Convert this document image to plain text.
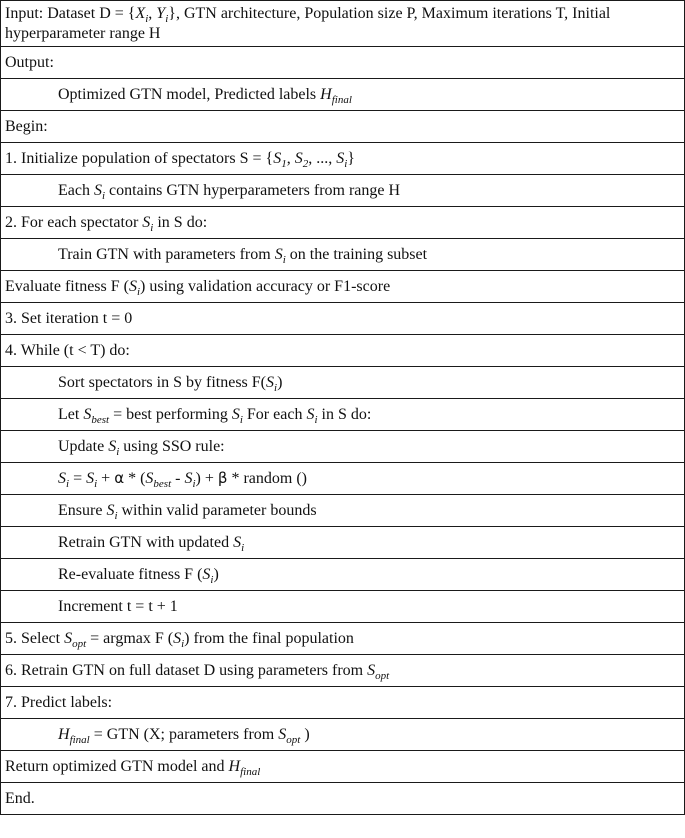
Input: Dataset $D = \{X_i$, $Y_i$}, GTN architecture, Population size P, Maximum iterations T, Initial hyperparameter range H
Output:
Optimized GTN model, Predicted labels $H_{final}$
Begin:
1. Initialize population of spectators $S = \{S_1$, $S_2$, ..., $S_i$}
Each $S_i$ contains GTN hyperparameters from range H
2. For each spectator $S_i$ in S do:
Train GTN with parameters from $S_i$ on the training subset
Evaluate fitness F $(S_i)$ using validation accuracy or F1-score
3. Set iteration t = 0
4. While (t < T) do:
Sort spectators in S by fitness $F(S_i)$
Let $S_{best}$ = best performing $S_i$ For each $S_i$ in S do:
Update $S_i$ using SSO rule:
$S_i = S_i + \alpha * (S_{best} - S_i) + \beta$ * random ()
Ensure $S_i$ within valid parameter bounds
Retrain GTN with updated $S_i$
Re-evaluate fitness F $(S_i)$
Increment t = t + 1
5. Select $S_{opt} = argmax$ F $(S_i)$ from the final population
6. Retrain GTN on full dataset D using parameters from $S_{opt}$
7. Predict labels:
$H_{final}$ = GTN (X; parameters from $S_{opt}$ )
Return optimized GTN model and $H_{final}$
End.
